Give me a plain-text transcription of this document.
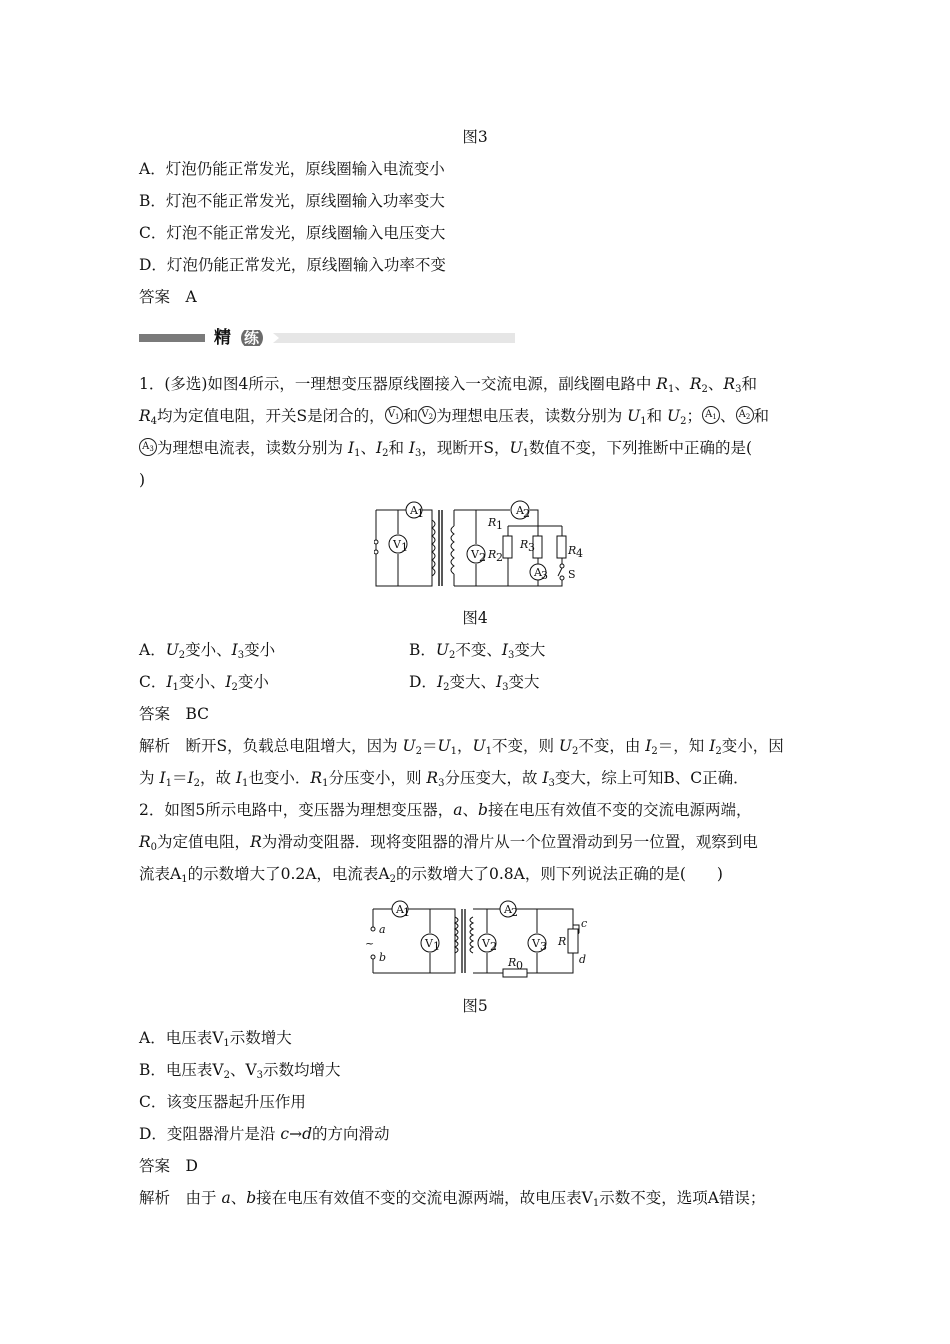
图3
A．灯泡仍能正常发光，原线圈输入电流变小
B．灯泡不能正常发光，原线圈输入功率变大
C．灯泡不能正常发光，原线圈输入电压变大
D．灯泡仍能正常发光，原线圈输入功率不变
答案　A
精 练
1．(多选)如图4所示，一理想变压器原线圈接入一交流电源，副线圈电路中 $R_1$、$R_2$、$R_3$和
$R_4$均为定值电阻，开关S是闭合的， $V_1$ 和 $V_2$ 为理想电压表，读数分别为 $U_1$和 $U_2$； $A_1$ 、 $A_2$ 和
$A_3$ 为理想电流表，读数分别为 $I_1$、$I_2$和 $I_3$，现断开S，$U_1$数值不变，下列推断中正确的是(
)
A 1
V 1
V 2
A 2
A 3
R 1
R 2
R 3	R 4
S
图4
A．$U_2$变小、$I_3$变小	B．$U_2$不变、$I_3$变大
C．$I_1$变小、$I_2$变小	D．$I_2$变大、$I_3$变大
答案　BC
解析　断开S，负载总电阻增大，因为 $U_2=U_1$，$U_1$不变，则 $U_2$不变，由 $I_2=$，知 $I_2$变小，因
为 $I_1=I_2$，故 $I_1$也变小．$R_1$分压变小，则 $R_3$分压变大，故 $I_3$变大，综上可知B、C正确．
2．如图5所示电路中，变压器为理想变压器，a、b接在电压有效值不变的交流电源两端，
$R_0$为定值电阻，R为滑动变阻器．现将变阻器的滑片从一个位置滑动到另一位置，观察到电
流表$A_1$的示数增大了0.2A，电流表$A_2$的示数增大了0.8A，则下列说法正确的是(　　)
~
A 1	A 2
V 1	V 2	V 3
a
b	R 0
R
c
d
图5
A．电压表$V_1$示数增大
B．电压表$V_2$、$V_3$示数均增大
C．该变压器起升压作用
D．变阻器滑片是沿 c→d的方向滑动
答案　D
解析　由于 a、b接在电压有效值不变的交流电源两端，故电压表$V_1$示数不变，选项A错误；
